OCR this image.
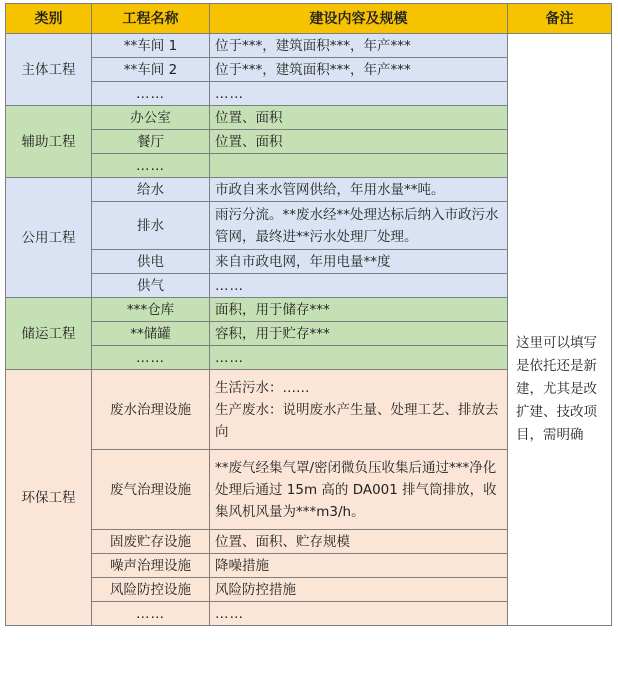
类别	工程名称	建设内容及规模	备注
主体工程	**车间 1	位于***，建筑面积***，年产***	这里可以填写是依托还是新建，尤其是改扩建、技改项目，需明确

	**车间 2	位于***，建筑面积***，年产***	
	……	……	
辅助工程	办公室	位置、面积	
	餐厅	位置、面积	
	……		
公用工程	给水	市政自来水管网供给，年用水量**吨。	
	排水	雨污分流。**废水经**处理达标后纳入市政污水管网，最终进**污水处理厂处理。	
	供电	来自市政电网，年用电量**度	
	供气	……	
储运工程	***仓库	面积，用于储存***	
	**储罐	容积，用于贮存***	
	……	……	
环保工程	废水治理设施	生活污水：……
生产废水：说明废水产生量、处理工艺、排放去向	
	废气治理设施	**废气经集气罩/密闭微负压收集后通过***净化处理后通过 15m 高的 DA001 排气筒排放，收集风机风量为***m3/h。	
	固废贮存设施	位置、面积、贮存规模	
	噪声治理设施	降噪措施	
	风险防控设施	风险防控措施	
	……	……	
